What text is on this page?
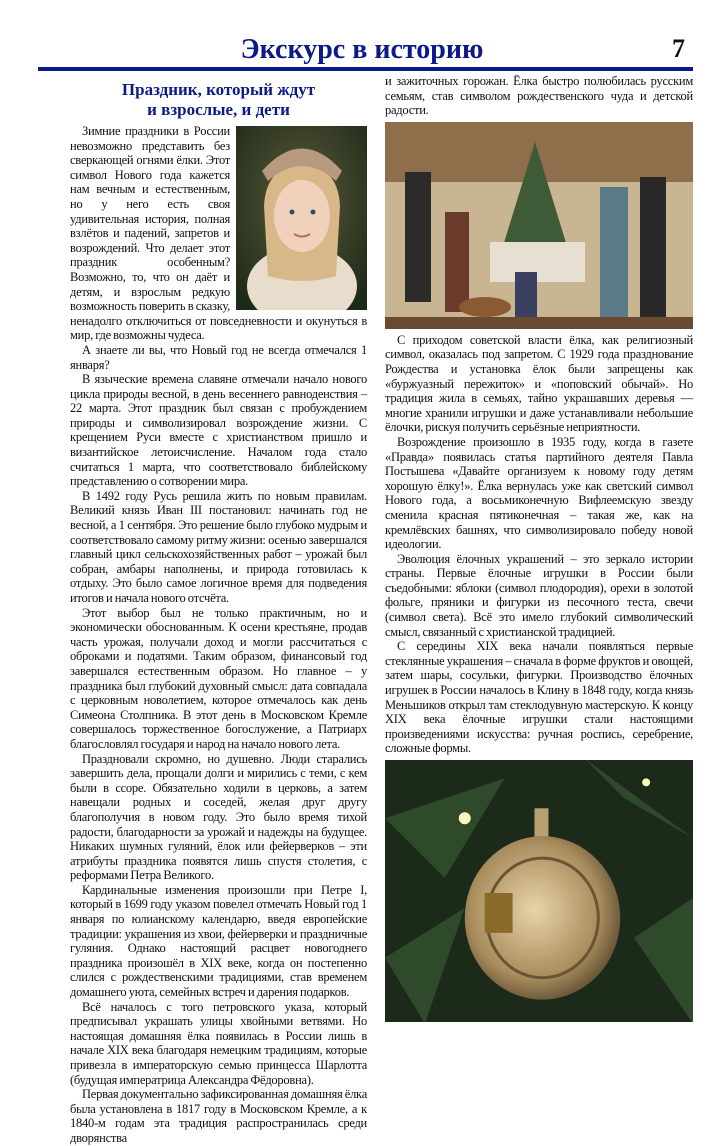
Экскурс в историю	7
Праздник, который ждут
и взрослые, и дети

Зимние праздники в России невозможно представить без сверкающей огнями ёлки. Этот символ Нового года кажется нам вечным и естественным, но у него есть своя удивительная история, полная взлётов и падений, запретов и возрождений. Что делает этот праздник особенным? Возможно, то, что он даёт и детям, и взрослым редкую возможность поверить в сказку, ненадолго отключиться от повседневности и окунуться в мир, где возможны чудеса.

А знаете ли вы, что Новый год не всегда отмечался 1 января?

В языческие времена славяне отмечали начало нового цикла природы весной, в день весеннего равноденствия – 22 марта. Этот праздник был связан с пробуждением природы и символизировал возрождение жизни. С крещением Руси вместе с христианством пришло и византийское летоисчисление. Началом года стало считаться 1 марта, что соответствовало библейскому представлению о сотворении мира.

В 1492 году Русь решила жить по новым правилам. Великий князь Иван III постановил: начинать год не весной, а 1 сентября. Это решение было глубоко мудрым и соответствовало самому ритму жизни: осенью завершался главный цикл сельскохозяйственных работ – урожай был собран, амбары наполнены, и природа готовилась к отдыху. Это было самое логичное время для подведения итогов и начала нового отсчёта.

Этот выбор был не только практичным, но и экономически обоснованным. К осени крестьяне, продав часть урожая, получали доход и могли рассчитаться с оброками и податями. Таким образом, финансовый год завершался естественным образом. Но главное – у праздника был глубокий духовный смысл: дата совпадала с церковным новолетием, которое отмечалось как день Симеона Столпника. В этот день в Московском Кремле совершалось торжественное богослужение, а Патриарх благословлял государя и народ на начало нового лета.

Праздновали скромно, но душевно. Люди старались завершить дела, прощали долги и мирились с теми, с кем были в ссоре. Обязательно ходили в церковь, а затем навещали родных и соседей, желая друг другу благополучия в новом году. Это было время тихой радости, благодарности за урожай и надежды на будущее. Никаких шумных гуляний, ёлок или фейерверков – эти атрибуты праздника появятся лишь спустя столетия, с реформами Петра Великого.

Кардинальные изменения произошли при Петре I, который в 1699 году указом повелел отмечать Новый год 1 января по юлианскому календарю, введя европейские традиции: украшения из хвои, фейерверки и праздничные гуляния. Однако настоящий расцвет новогоднего праздника произошёл в XIX веке, когда он постепенно слился с рождественскими традициями, став временем домашнего уюта, семейных встреч и дарения подарков.

Всё началось с того петровского указа, который предписывал украшать улицы хвойными ветвями. Но настоящая домашняя ёлка появилась в России лишь в начале XIX века благодаря немецким традициям, которые привезла в императорскую семью принцесса Шарлотта (будущая императрица Александра Фёдоровна).

Первая документально зафиксированная домашняя ёлка была установлена в 1817 году в Московском Кремле, а к 1840-м годам эта традиция распространилась среди дворянства

и зажиточных горожан. Ёлка быстро полюбилась русским семьям, став символом рождественского чуда и детской радости.

С приходом советской власти ёлка, как религиозный символ, оказалась под запретом. С 1929 года празднование Рождества и установка ёлок были запрещены как «буржуазный пережиток» и «поповский обычай». Но традиция жила в семьях, тайно украшавших деревья — многие хранили игрушки и даже устанавливали небольшие ёлочки, рискуя получить серьёзные неприятности.

Возрождение произошло в 1935 году, когда в газете «Правда» появилась статья партийного деятеля Павла Постышева «Давайте организуем к новому году детям хорошую ёлку!». Ёлка вернулась уже как светский символ Нового года, а восьмиконечную Вифлеемскую звезду сменила красная пятиконечная – такая же, как на кремлёвских башнях, что символизировало победу новой идеологии.

Эволюция ёлочных украшений – это зеркало истории страны. Первые ёлочные игрушки в России были съедобными: яблоки (символ плодородия), орехи в золотой фольге, пряники и фигурки из песочного теста, свечи (символ света). Всё это имело глубокий символический смысл, связанный с христианской традицией.

С середины XIX века начали появляться первые стеклянные украшения – сначала в форме фруктов и овощей, затем шары, сосульки, фигурки. Производство ёлочных игрушек в России началось в Клину в 1848 году, когда князь Меньшиков открыл там стеклодувную мастерскую. К концу XIX века ёлочные игрушки стали настоящими произведениями искусства: ручная роспись, серебрение, сложные формы.
